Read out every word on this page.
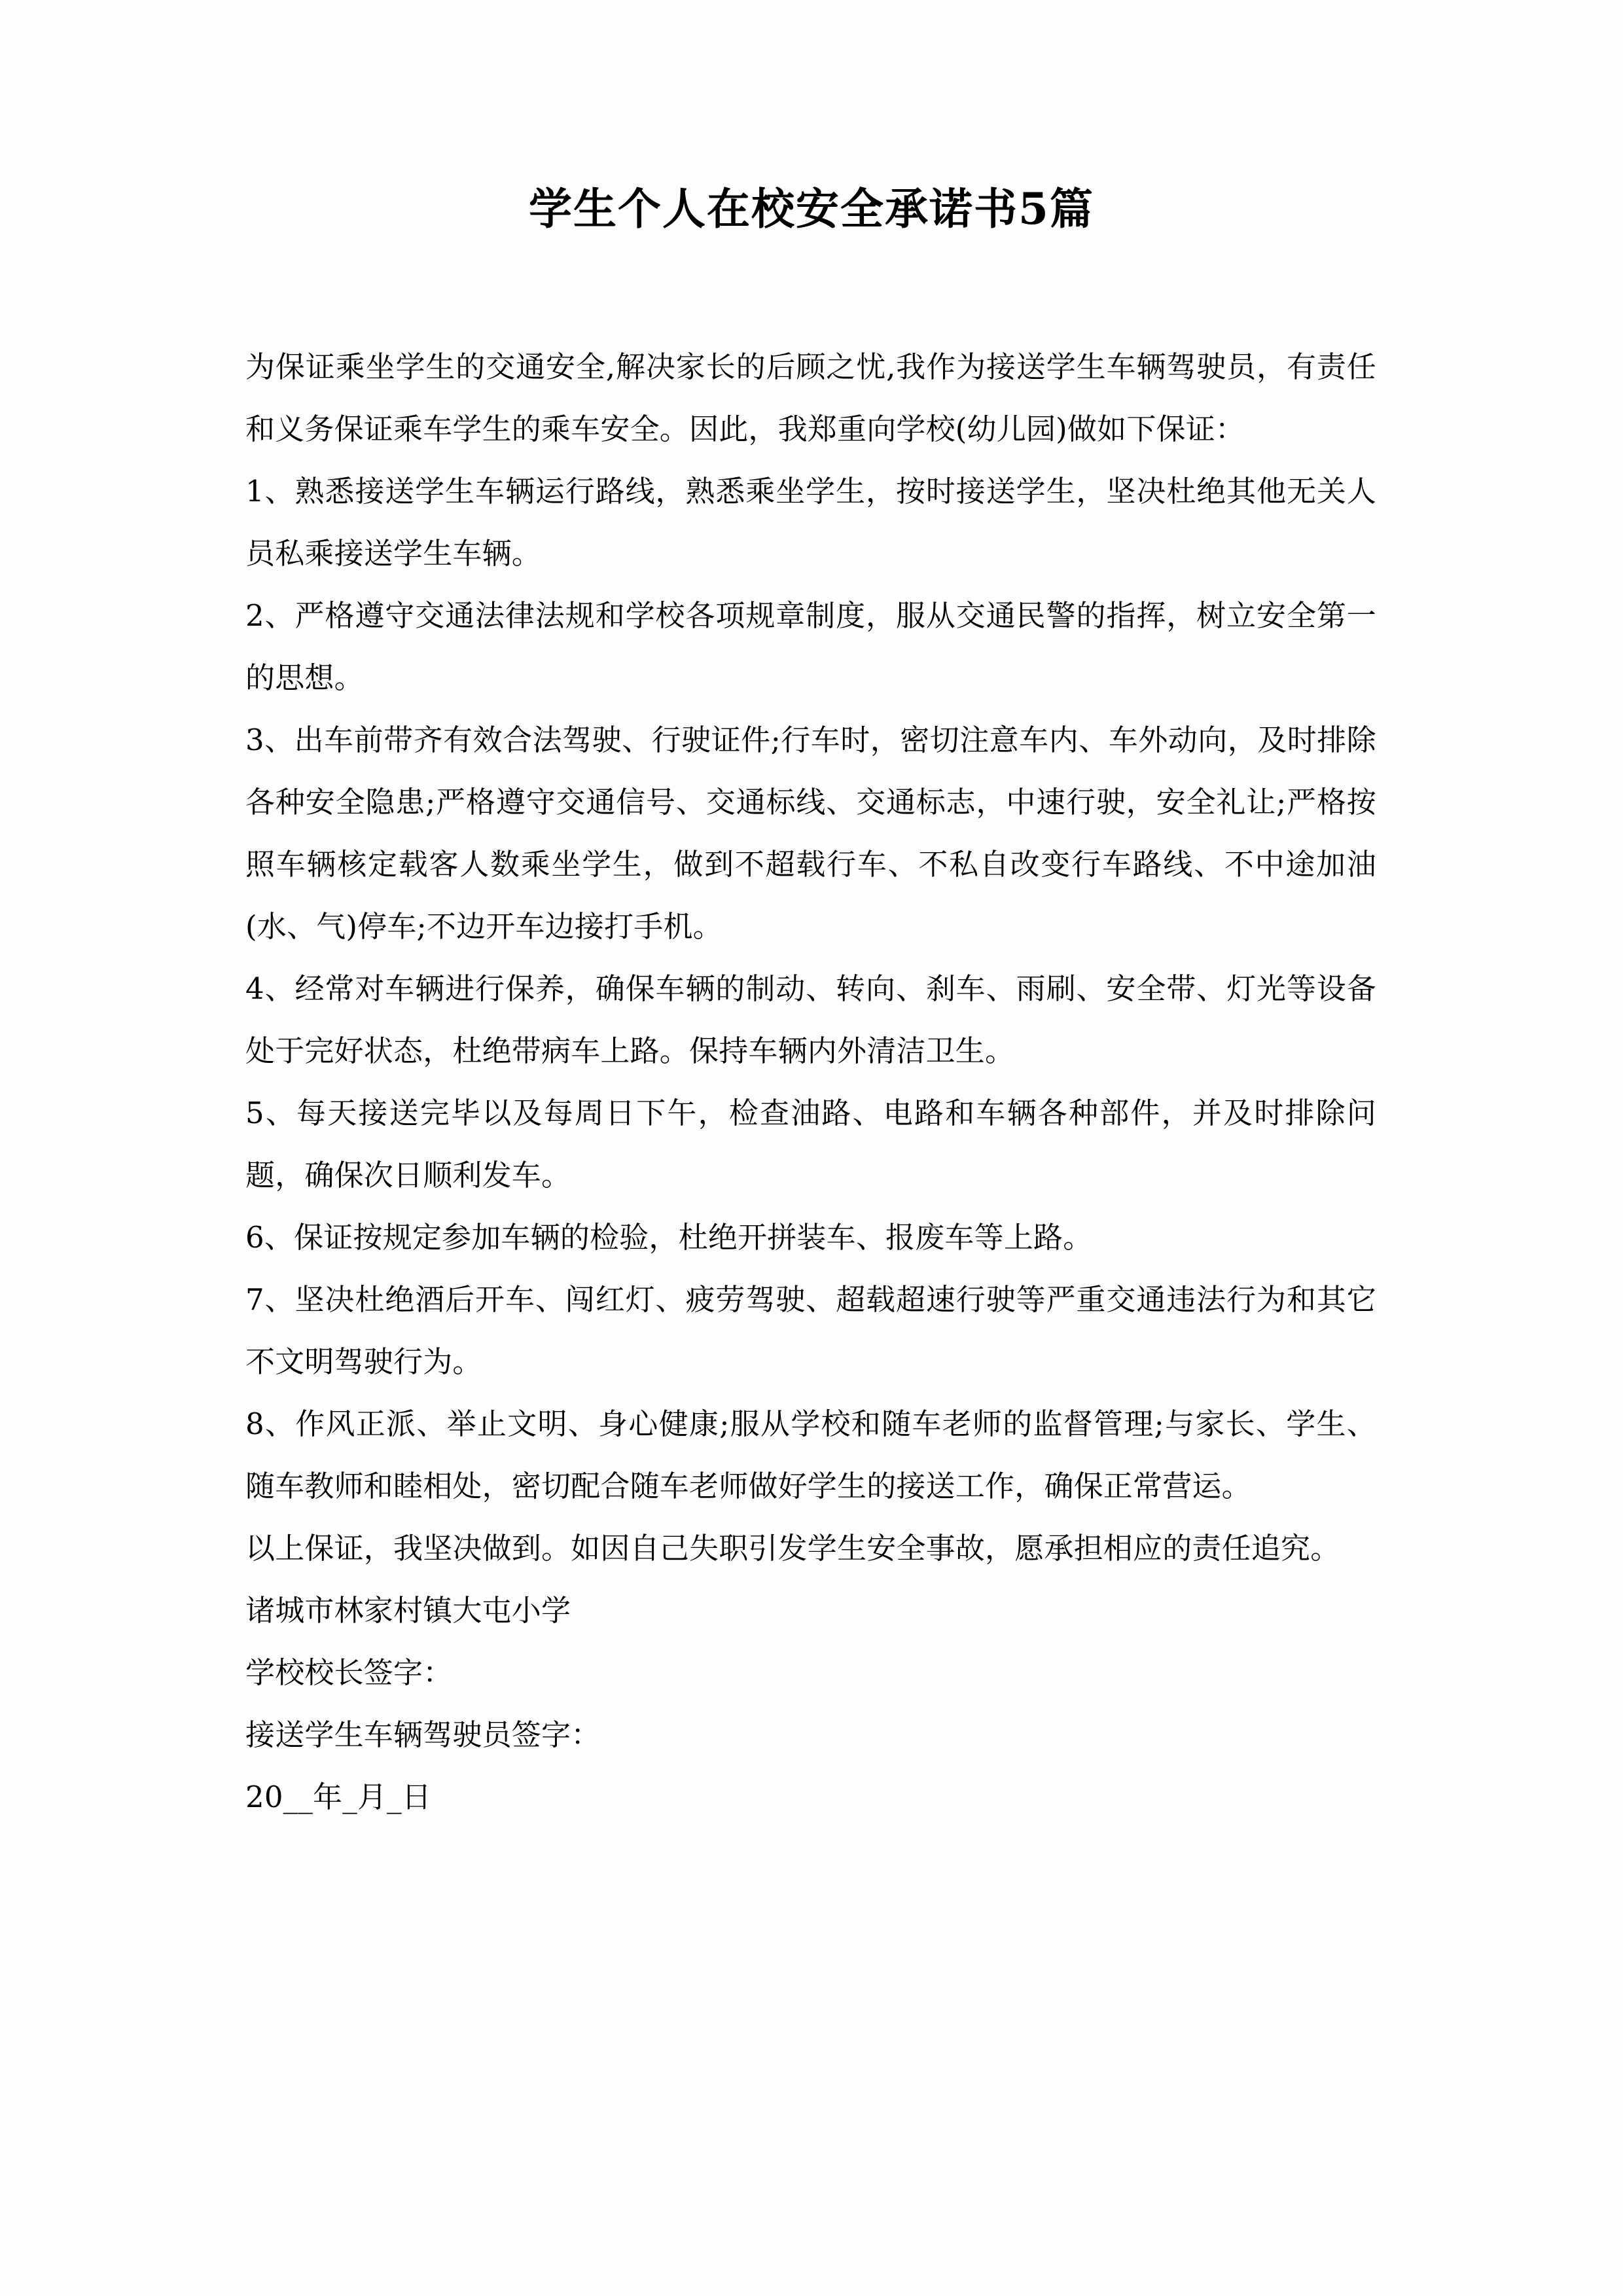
学生个人在校安全承诺书5篇

为保证乘坐学生的交通安全,解决家长的后顾之忧,我作为接送学生车辆驾驶员，有责任和义务保证乘车学生的乘车安全。因此，我郑重向学校(幼儿园)做如下保证：

1、熟悉接送学生车辆运行路线，熟悉乘坐学生，按时接送学生，坚决杜绝其他无关人员私乘接送学生车辆。

2、严格遵守交通法律法规和学校各项规章制度，服从交通民警的指挥，树立安全第一的思想。

3、出车前带齐有效合法驾驶、行驶证件;行车时，密切注意车内、车外动向，及时排除各种安全隐患;严格遵守交通信号、交通标线、交通标志，中速行驶，安全礼让;严格按照车辆核定载客人数乘坐学生，做到不超载行车、不私自改变行车路线、不中途加油(水、气)停车;不边开车边接打手机。

4、经常对车辆进行保养，确保车辆的制动、转向、刹车、雨刷、安全带、灯光等设备处于完好状态，杜绝带病车上路。保持车辆内外清洁卫生。

5、每天接送完毕以及每周日下午，检查油路、电路和车辆各种部件，并及时排除问题，确保次日顺利发车。

6、保证按规定参加车辆的检验，杜绝开拼装车、报废车等上路。

7、坚决杜绝酒后开车、闯红灯、疲劳驾驶、超载超速行驶等严重交通违法行为和其它不文明驾驶行为。

8、作风正派、举止文明、身心健康;服从学校和随车老师的监督管理;与家长、学生、随车教师和睦相处，密切配合随车老师做好学生的接送工作，确保正常营运。

以上保证，我坚决做到。如因自己失职引发学生安全事故，愿承担相应的责任追究。

诸城市林家村镇大屯小学
学校校长签字：
接送学生车辆驾驶员签字：
20__年_月_日
